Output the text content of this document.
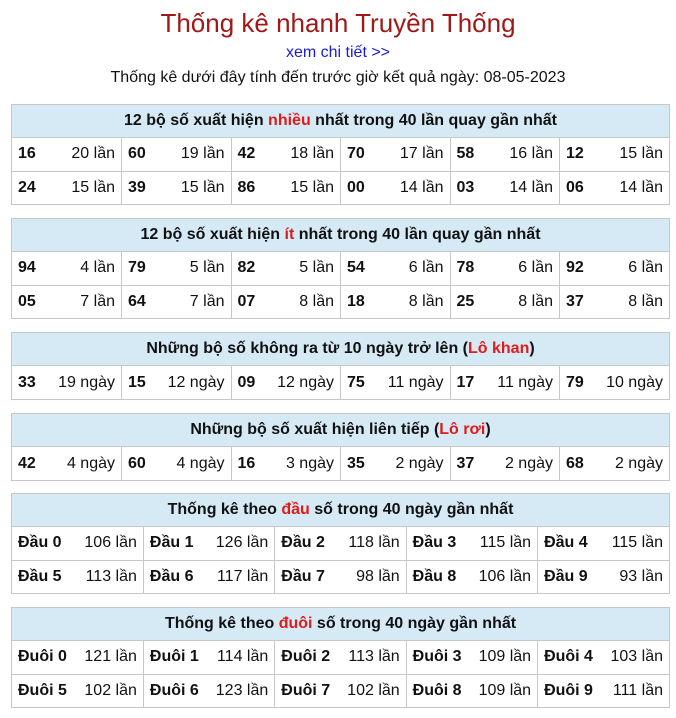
Thống kê nhanh Truyền Thống
xem chi tiết >>
Thống kê dưới đây tính đến trước giờ kết quả ngày: 08-05-2023
12 bộ số xuất hiện nhiều nhất trong 40 lần quay gần nhất
16 20 lần	60 19 lần	42 18 lần	70 17 lần	58 16 lần	12 15 lần

24 15 lần	39 15 lần	86 15 lần	00 14 lần	03 14 lần	06 14 lần
12 bộ số xuất hiện ít nhất trong 40 lần quay gần nhất
94 4 lần	79 5 lần	82 5 lần	54 6 lần	78 6 lần	92 6 lần

05 7 lần	64 7 lần	07 8 lần	18 8 lần	25 8 lần	37 8 lần
Những bộ số không ra từ 10 ngày trở lên (Lô khan)
33 19 ngày	15 12 ngày	09 12 ngày	75 11 ngày	17 11 ngày	79 10 ngày
Những bộ số xuất hiện liên tiếp (Lô rơi)
42 4 ngày	60 4 ngày	16 3 ngày	35 2 ngày	37 2 ngày	68 2 ngày
Thống kê theo đầu số trong 40 ngày gần nhất
Đầu 0 106 lần	Đầu 1 126 lần	Đầu 2 118 lần	Đầu 3 115 lần	Đầu 4 115 lần

Đầu 5 113 lần	Đầu 6 117 lần	Đầu 7 98 lần	Đầu 8 106 lần	Đầu 9 93 lần
Thống kê theo đuôi số trong 40 ngày gần nhất
Đuôi 0 121 lần	Đuôi 1 114 lần	Đuôi 2 113 lần	Đuôi 3 109 lần	Đuôi 4 103 lần

Đuôi 5 102 lần	Đuôi 6 123 lần	Đuôi 7 102 lần	Đuôi 8 109 lần	Đuôi 9 111 lần
